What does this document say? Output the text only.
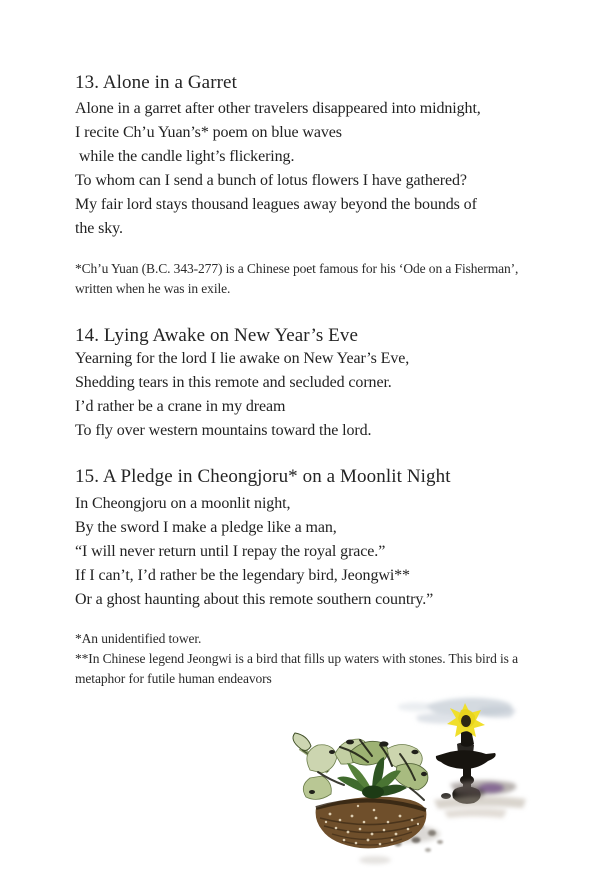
13. Alone in a Garret
Alone in a garret after other travelers disappeared into midnight,
I recite Ch’u Yuan’s* poem on blue waves
while the candle light’s flickering.
To whom can I send a bunch of lotus flowers I have gathered?
My fair lord stays thousand leagues away beyond the bounds of
the sky.
*Ch’u Yuan (B.C. 343-277) is a Chinese poet famous for his ‘Ode on a Fisherman’,
written when he was in exile.
14. Lying Awake on New Year’s Eve
Yearning for the lord I lie awake on New Year’s Eve,
Shedding tears in this remote and secluded corner.
I’d rather be a crane in my dream
To fly over western mountains toward the lord.
15. A Pledge in Cheongjoru* on a Moonlit Night
In Cheongjoru on a moonlit night,
By the sword I make a pledge like a man,
“I will never return until I repay the royal grace.”
If I can’t, I’d rather be the legendary bird, Jeongwi**
Or a ghost haunting about this remote southern country.”
*An unidentified tower.
**In Chinese legend Jeongwi is a bird that fills up waters with stones. This bird is a
metaphor for futile human endeavors
